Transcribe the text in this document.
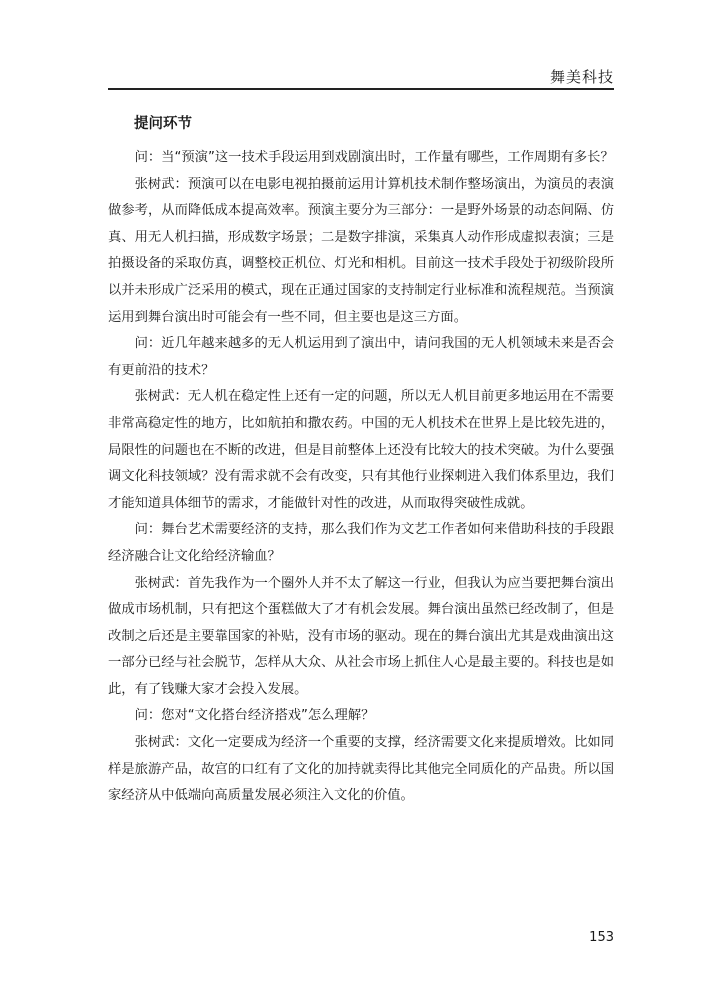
舞美科技
提问环节

问：当“预演”这一技术手段运用到戏剧演出时，工作量有哪些，工作周期有多长？

张树武：预演可以在电影电视拍摄前运用计算机技术制作整场演出，为演员的表演做参考，从而降低成本提高效率。预演主要分为三部分：一是野外场景的动态间隔、仿真、用无人机扫描，形成数字场景；二是数字排演，采集真人动作形成虚拟表演；三是拍摄设备的采取仿真，调整校正机位、灯光和相机。目前这一技术手段处于初级阶段所以并未形成广泛采用的模式，现在正通过国家的支持制定行业标准和流程规范。当预演运用到舞台演出时可能会有一些不同，但主要也是这三方面。

问：近几年越来越多的无人机运用到了演出中，请问我国的无人机领域未来是否会有更前沿的技术？

张树武：无人机在稳定性上还有一定的问题，所以无人机目前更多地运用在不需要非常高稳定性的地方，比如航拍和撒农药。中国的无人机技术在世界上是比较先进的，局限性的问题也在不断的改进，但是目前整体上还没有比较大的技术突破。为什么要强调文化科技领域？没有需求就不会有改变，只有其他行业探刺进入我们体系里边，我们才能知道具体细节的需求，才能做针对性的改进，从而取得突破性成就。

问：舞台艺术需要经济的支持，那么我们作为文艺工作者如何来借助科技的手段跟经济融合让文化给经济输血？

张树武：首先我作为一个圈外人并不太了解这一行业，但我认为应当要把舞台演出做成市场机制，只有把这个蛋糕做大了才有机会发展。舞台演出虽然已经改制了，但是改制之后还是主要靠国家的补贴，没有市场的驱动。现在的舞台演出尤其是戏曲演出这一部分已经与社会脱节，怎样从大众、从社会市场上抓住人心是最主要的。科技也是如此，有了钱赚大家才会投入发展。

问：您对“文化搭台经济搭戏”怎么理解？

张树武：文化一定要成为经济一个重要的支撑，经济需要文化来提质增效。比如同样是旅游产品，故宫的口红有了文化的加持就卖得比其他完全同质化的产品贵。所以国家经济从中低端向高质量发展必须注入文化的价值。

153
